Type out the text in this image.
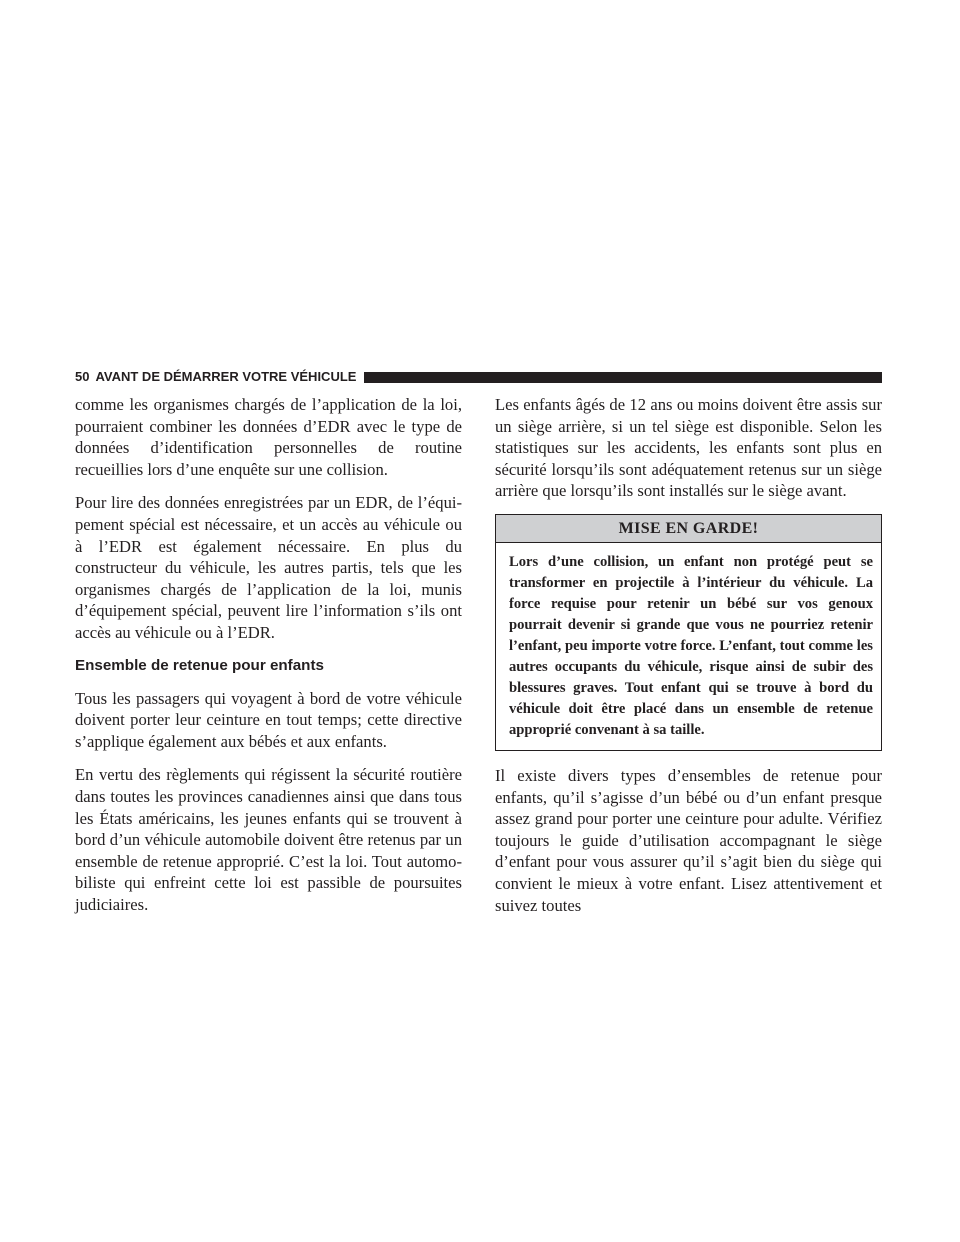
50 AVANT DE DÉMARRER VOTRE VÉHICULE

comme les organismes chargés de l’application de la loi, pourraient combiner les données d’EDR avec le type de données d’identification personnelles de routine recueillies lors d’une enquête sur une collision.

Pour lire des données enregistrées par un EDR, de l’équi-pement spécial est nécessaire, et un accès au véhicule ou à l’EDR est également nécessaire. En plus du constructeur du véhicule, les autres partis, tels que les organismes chargés de l’application de la loi, munis d’équipement spécial, peuvent lire l’information s’ils ont accès au véhicule ou à l’EDR.

Ensemble de retenue pour enfants

Tous les passagers qui voyagent à bord de votre véhicule doivent porter leur ceinture en tout temps; cette directive s’applique également aux bébés et aux enfants.

En vertu des règlements qui régissent la sécurité routière dans toutes les provinces canadiennes ainsi que dans tous les États américains, les jeunes enfants qui se trouvent à bord d’un véhicule automobile doivent être retenus par un ensemble de retenue approprié. C’est la loi. Tout automo-biliste qui enfreint cette loi est passible de poursuites judiciaires.

Les enfants âgés de 12 ans ou moins doivent être assis sur un siège arrière, si un tel siège est disponible. Selon les statistiques sur les accidents, les enfants sont plus en sécurité lorsqu’ils sont adéquatement retenus sur un siège arrière que lorsqu’ils sont installés sur le siège avant.

MISE EN GARDE!
Lors d’une collision, un enfant non protégé peut se transformer en projectile à l’intérieur du véhicule. La force requise pour retenir un bébé sur vos genoux pourrait devenir si grande que vous ne pourriez retenir l’enfant, peu importe votre force. L’enfant, tout comme les autres occupants du véhicule, risque ainsi de subir des blessures graves. Tout enfant qui se trouve à bord du véhicule doit être placé dans un ensemble de retenue approprié convenant à sa taille.

Il existe divers types d’ensembles de retenue pour enfants, qu’il s’agisse d’un bébé ou d’un enfant presque assez grand pour porter une ceinture pour adulte. Vérifiez toujours le guide d’utilisation accompagnant le siège d’enfant pour vous assurer qu’il s’agit bien du siège qui convient le mieux à votre enfant. Lisez attentivement et suivez toutes
